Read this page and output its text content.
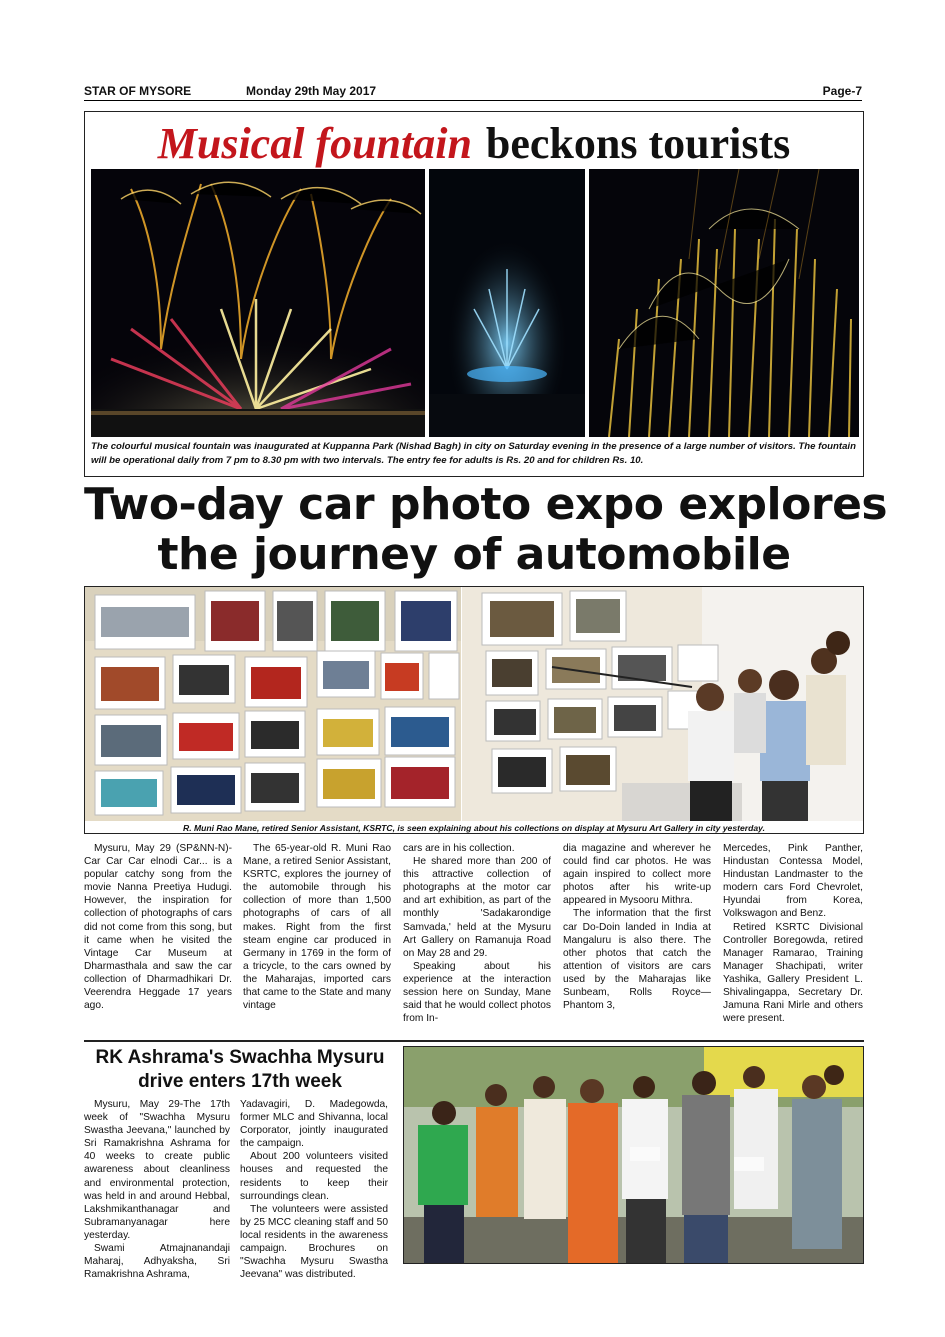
STAR OF MYSORE	Monday 29th May 2017	Page-7
Musical fountain beckons tourists
The colourful musical fountain was inaugurated at Kuppanna Park (Nishad Bagh) in city on Saturday evening in the presence of a large number of visitors. The fountain will be operational daily from 7 pm to 8.30 pm with two intervals. The entry fee for adults is Rs. 20 and for children Rs. 10.
Two-day car photo expo explores
the journey of automobile
R. Muni Rao Mane, retired Senior Assistant, KSRTC, is seen explaining about his collections on display at Mysuru Art Gallery in city yesterday.

Mysuru, May 29 (SP&NN-N)-Car Car Car elnodi Car... is a popular catchy song from the movie Nanna Preetiya Hudugi. However, the inspiration for collection of photographs of cars did not come from this song, but it came when he visited the Vintage Car Museum at Dharmasthala and saw the car collection of Dharmadhikari Dr. Veerendra Heggade 17 years ago.

The 65-year-old R. Muni Rao Mane, a retired Senior Assistant, KSRTC, explores the journey of the automobile through his collection of more than 1,500 photographs of cars of all makes. Right from the first steam engine car produced in Germany in 1769 in the form of a tricycle, to the cars owned by the Maharajas, imported cars that came to the State and many vintage

cars are in his collection.

He shared more than 200 of this attractive collection of photographs at the motor car and art exhibition, as part of the monthly 'Sadakarondige Samvada,' held at the Mysuru Art Gallery on Ramanuja Road on May 28 and 29.

Speaking about his experience at the interaction session here on Sunday, Mane said that he would collect photos from In-

dia magazine and wherever he could find car photos. He was again inspired to collect more photos after his write-up appeared in Mysooru Mithra.

The information that the first car Do-Doin landed in India at Mangaluru is also there. The other photos that catch the attention of visitors are cars used by the Maharajas like Sunbeam, Rolls Royce—Phantom 3,

Mercedes, Pink Panther, Hindustan Contessa Model, Hindustan Landmaster to the modern cars Ford Chevrolet, Hyundai from Korea, Volkswagon and Benz.

Retired KSRTC Divisional Controller Boregowda, retired Manager Ramarao, Training Manager Shachipati, writer Yashika, Gallery President L. Shivalingappa, Secretary Dr. Jamuna Rani Mirle and others were present.

RK Ashrama's Swachha Mysuru
drive enters 17th week

Mysuru, May 29-The 17th week of "Swachha Mysuru Swastha Jeevana," launched by Sri Ramakrishna Ashrama for 40 weeks to create public awareness about cleanliness and environmental protection, was held in and around Hebbal, Lakshmikanthanagar and Subramanyanagar here yesterday.

Swami Atmajnanandaji Maharaj, Adhyaksha, Sri Ramakrishna Ashrama,

Yadavagiri, D. Madegowda, former MLC and Shivanna, local Corporator, jointly inaugurated the campaign.

About 200 volunteers visited houses and requested the residents to keep their surroundings clean.

The volunteers were assisted by 25 MCC cleaning staff and 50 local residents in the awareness campaign. Brochures on "Swachha Mysuru Swastha Jeevana" was distributed.
